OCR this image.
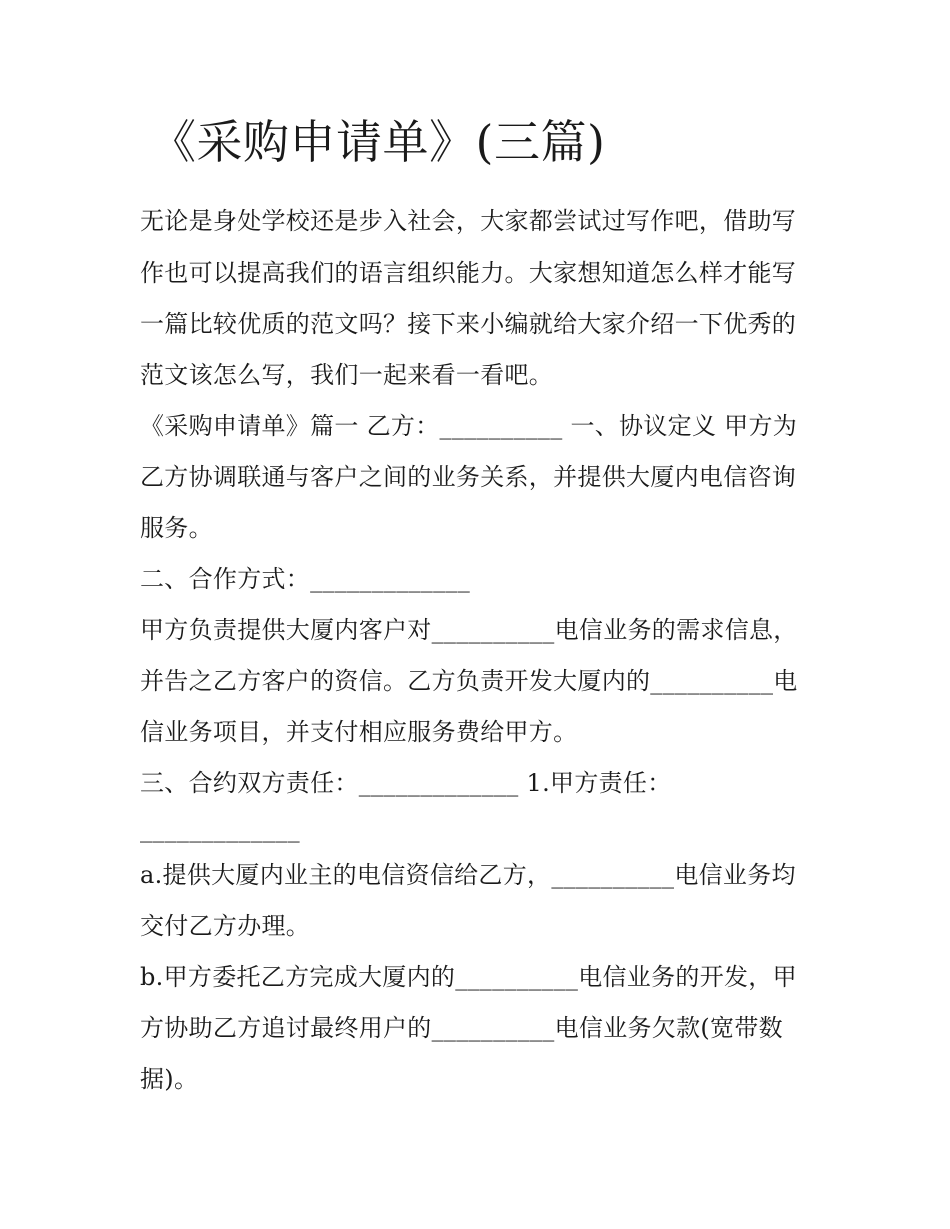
《采购申请单》(三篇)
无论是身处学校还是步入社会，大家都尝试过写作吧，借助写
作也可以提高我们的语言组织能力。大家想知道怎么样才能写
一篇比较优质的范文吗？接下来小编就给大家介绍一下优秀的
范文该怎么写，我们一起来看一看吧。
《采购申请单》篇一 乙方：__________ 一、协议定义 甲方为
乙方协调联通与客户之间的业务关系，并提供大厦内电信咨询
服务。
二、合作方式：_____________
甲方负责提供大厦内客户对__________电信业务的需求信息，
并告之乙方客户的资信。乙方负责开发大厦内的__________电
信业务项目，并支付相应服务费给甲方。
三、合约双方责任：_____________ 1.甲方责任：
_____________
a.提供大厦内业主的电信资信给乙方，__________电信业务均
交付乙方办理。
b.甲方委托乙方完成大厦内的__________电信业务的开发，甲
方协助乙方追讨最终用户的__________电信业务欠款(宽带数
据)。
